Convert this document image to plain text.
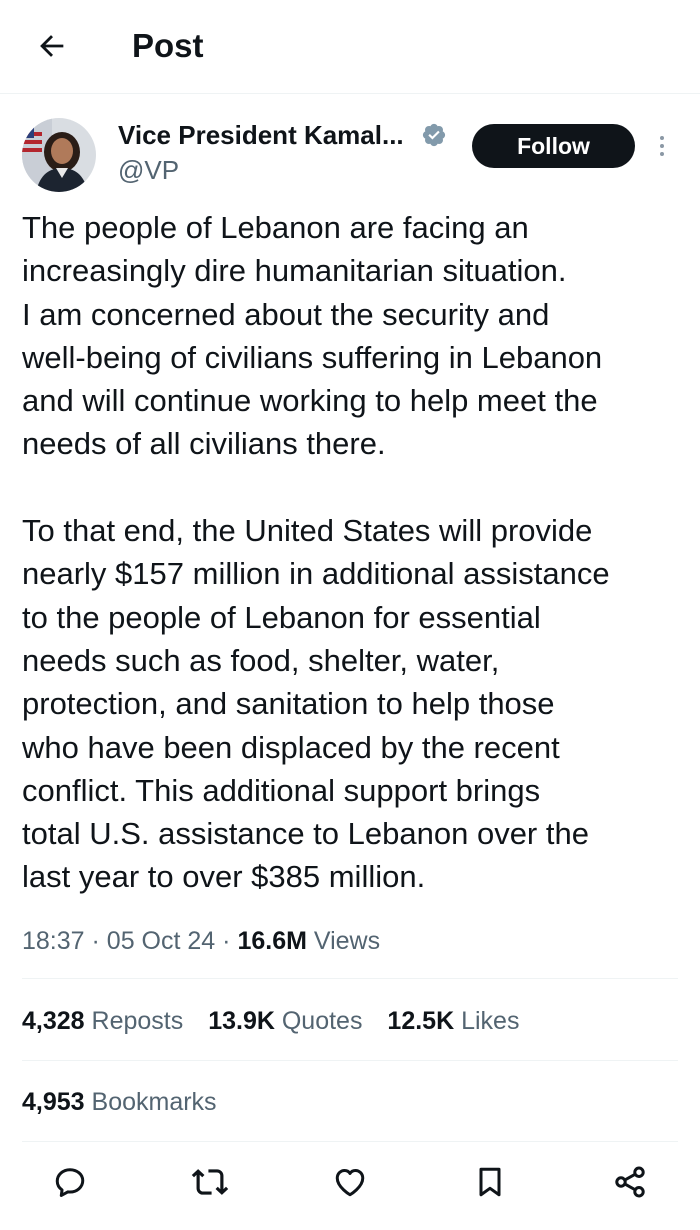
Post
Vice President Kamal...
@VP
Follow

The people of Lebanon are facing an
increasingly dire humanitarian situation.
I am concerned about the security and
well-being of civilians suffering in Lebanon
and will continue working to help meet the
needs of all civilians there.

To that end, the United States will provide
nearly $157 million in additional assistance
to the people of Lebanon for essential
needs such as food, shelter, water,
protection, and sanitation to help those
who have been displaced by the recent
conflict. This additional support brings
total U.S. assistance to Lebanon over the
last year to over $385 million.

18:37 · 05 Oct 24 · 16.6M Views
4,328 Reposts 13.9K Quotes 12.5K Likes
4,953 Bookmarks
